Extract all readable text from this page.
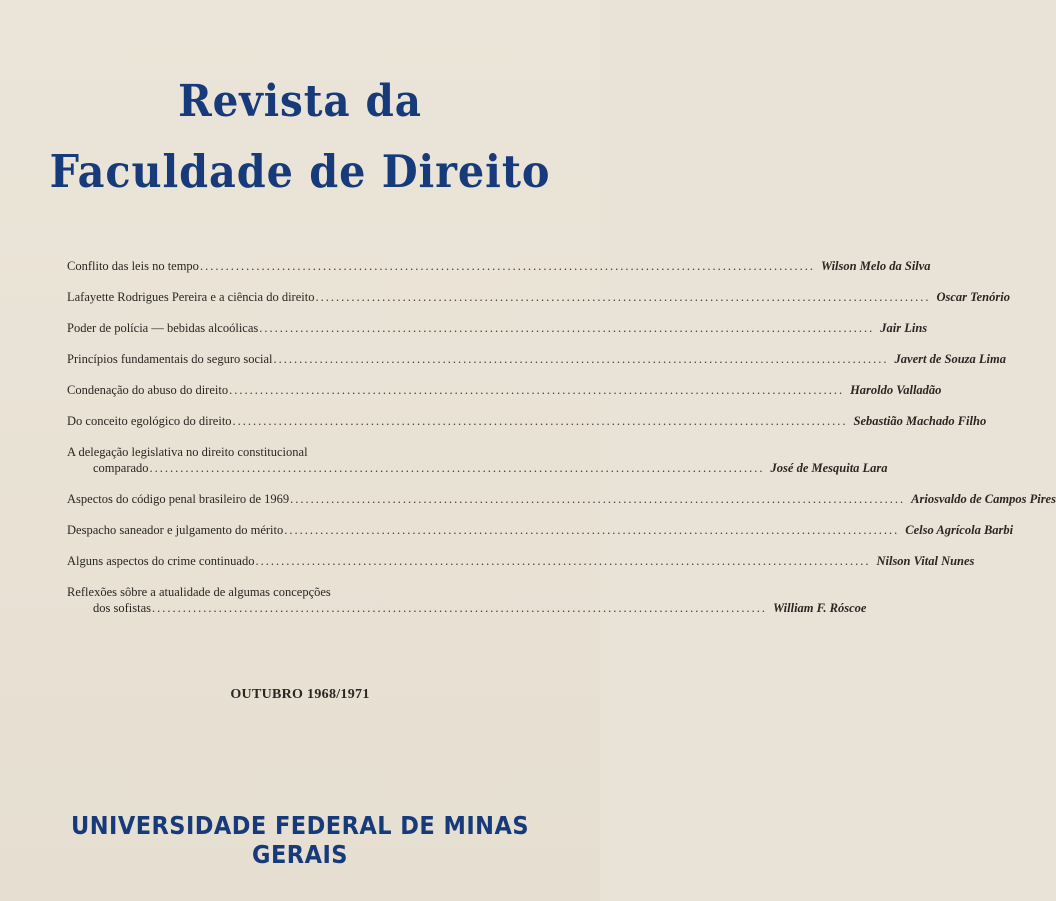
Revista da
Faculdade de Direito
Conflito das leis no tempo ........................................................................................................................ Wilson Melo da Silva
Lafayette Rodrigues Pereira e a ciência do direito ........................................................................................................................ Oscar Tenório
Poder de polícia — bebidas alcoólicas ........................................................................................................................ Jair Lins
Princípios fundamentais do seguro social ........................................................................................................................ Javert de Souza Lima
Condenação do abuso do direito ........................................................................................................................ Haroldo Valladão
Do conceito egológico do direito ........................................................................................................................ Sebastião Machado Filho
A delegação legislativa no direito constitucional
comparado ........................................................................................................................ José de Mesquita Lara
Aspectos do código penal brasileiro de 1969 ........................................................................................................................ Ariosvaldo de Campos Pires
Despacho saneador e julgamento do mérito ........................................................................................................................ Celso Agrícola Barbi
Alguns aspectos do crime continuado ........................................................................................................................ Nilson Vital Nunes
Reflexões sôbre a atualidade de algumas concepções
dos sofistas ........................................................................................................................ William F. Róscoe
OUTUBRO 1968/1971
UNIVERSIDADE FEDERAL DE MINAS GERAIS
